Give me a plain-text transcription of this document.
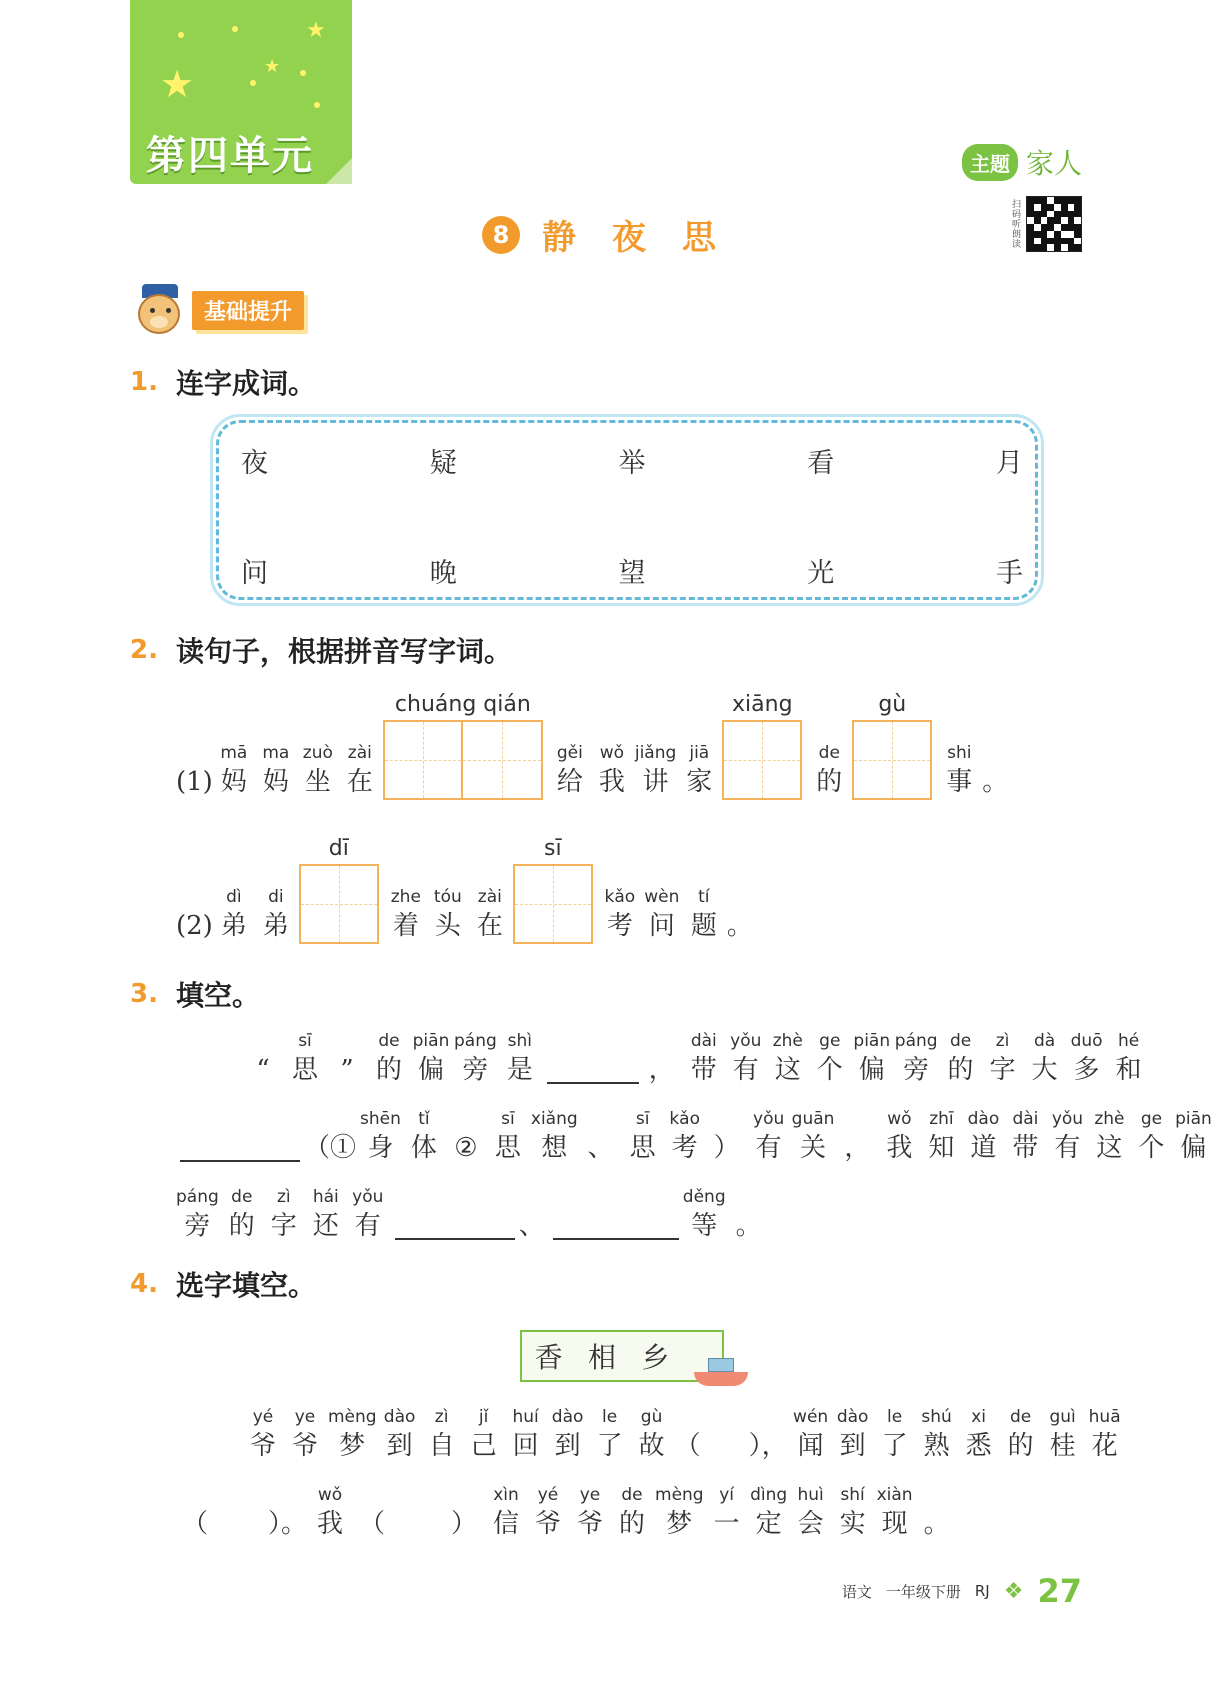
★
★
★
第四单元	主题 家人
扫码听朗读
8 静夜思
基础提升
1. 连字成词。
夜	疑	举	看	月
问	晚	望	光	手
2. 读句子，根据拼音写字词。
(1)
mā
妈
ma
妈
zuò
坐
zài
在
chuáng qián
gěi
给
wǒ
我
jiǎng
讲
jiā
家
xiāng
de
的
gù
shi
事 。
(2)
dì
弟
di
弟
dī
zhe
着
tóu
头
zài
在
sī
kǎo
考
wèn
问
tí
题 。
3. 填空。
“
sī
思 ”
de
的
piān
偏
páng
旁
shì
是	，
dài
带
yǒu
有
zhè
这
ge
个
piān
偏
páng
旁
de
的
zì
字
dà
大
duō
多
hé
和
（①
shēn
身
tǐ
体 ②
sī
思
xiǎng
想 、
sī
思
kǎo
考 ）
yǒu
有
guān
关 ，
wǒ
我
zhī
知
dào
道
dài
带
yǒu
有
zhè
这
ge
个
piān
偏
páng
旁
de
的
zì
字
hái
还
yǒu
有	、
děng
等 。
4. 选字填空。
香 相 乡
yé
爷
ye
爷
mèng
梦
dào
到
zì
自
jǐ
己
huí
回
dào
到
le
了
gù
故 （ ），
wén
闻
dào
到
le
了
shú
熟
xi
悉
de
的
guì
桂
huā
花
（ ）。
wǒ
我 （	）
xìn
信
yé
爷
ye
爷
de
的
mèng
梦
yí
一
dìng
定
huì
会
shí
实
xiàn
现 。
语文 一年级下册 RJ ❖ 27
